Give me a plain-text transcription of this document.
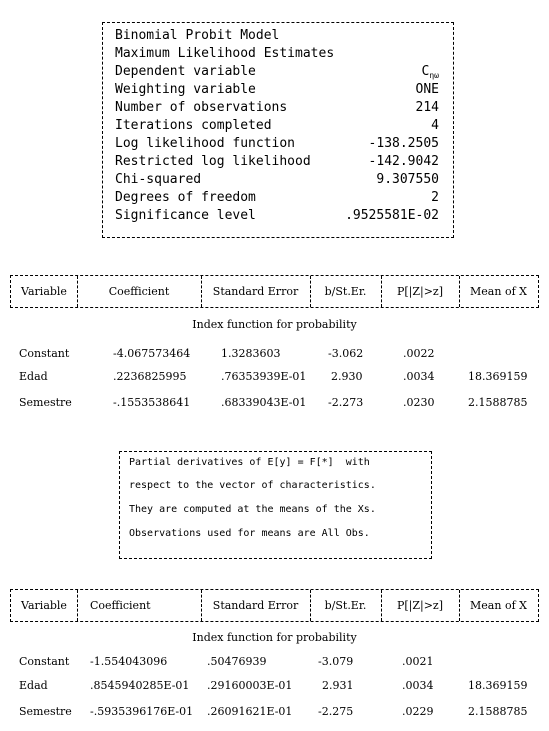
Binomial Probit Model

Maximum Likelihood Estimates

Dependent variable

	$C_{\eta\omega}$

Weighting variable

	ONE

Number of observations

	214

Iterations completed

	4

Log likelihood function

	-138.2505

Restricted log likelihood

	-142.9042

Chi-squared

	9.307550

Degrees of freedom

	2

Significance level

	.9525581E-02

Variable	Coefficient	Standard Error	b/St.Er.	P[|Z|>z]	Mean of X
Index function for probability
Constant	-4.067573464	1.3283603	-3.062	.0022
Edad	.2236825995	.76353939E-01 2.930	.0034	18.369159
Semestre	-.1553538641	.68339043E-01 -2.273	.0230	2.1588785
Partial derivatives of E[y] = F[*]  with
respect to the vector of characteristics.
They are computed at the means of the Xs.
Observations used for means are All Obs.
Variable	Coefficient	Standard Error	b/St.Er.	P[|Z|>z]	Mean of X
Index function for probability
Constant -1.554043096	.50476939	-3.079	.0021
Edad	.8545940285E-01 .29160003E-01	2.931	.0034	18.369159
Semestre -.5935396176E-01 .26091621E-01 -2.275	.0229	2.1588785
